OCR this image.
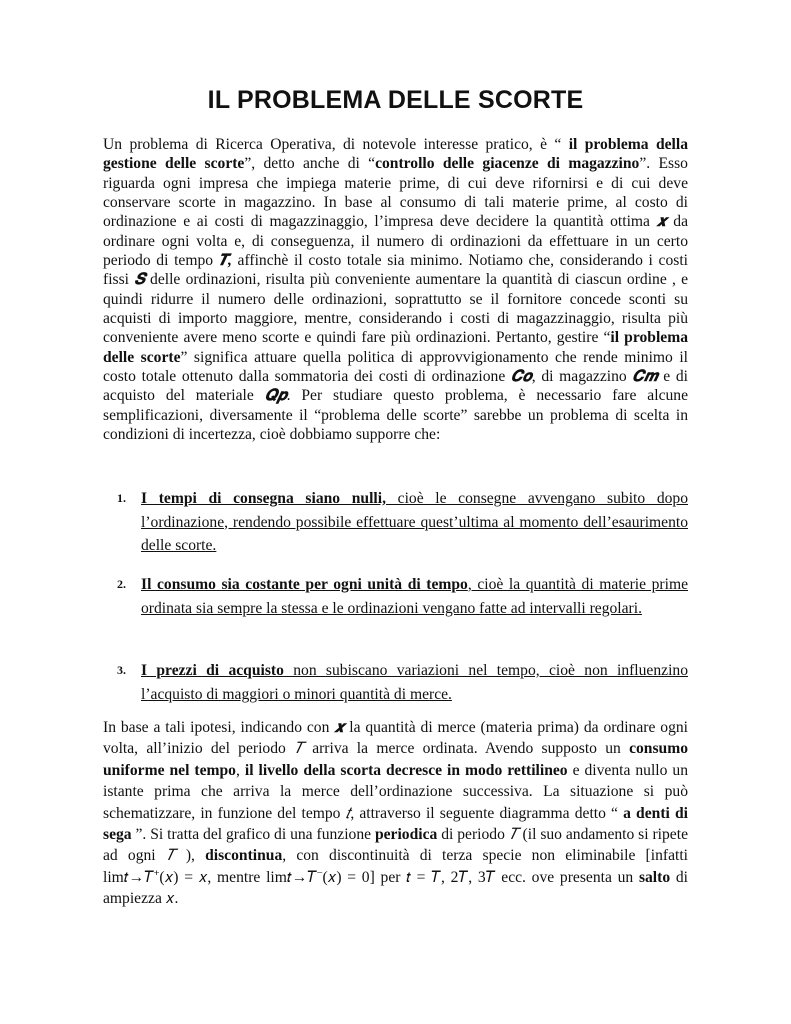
IL PROBLEMA DELLE SCORTE

Un problema di Ricerca Operativa, di notevole interesse pratico, è “ il problema della gestione delle scorte”, detto anche di “controllo delle giacenze di magazzino”. Esso riguarda ogni impresa che impiega materie prime, di cui deve rifornirsi e di cui deve conservare scorte in magazzino. In base al consumo di tali materie prime, al costo di ordinazione e ai costi di magazzinaggio, l’impresa deve decidere la quantità ottima 𝒙 da ordinare ogni volta e, di conseguenza, il numero di ordinazioni da effettuare in un certo periodo di tempo 𝑻, affinchè il costo totale sia minimo. Notiamo che, considerando i costi fissi 𝑺 delle ordinazioni, risulta più conveniente aumentare la quantità di ciascun ordine , e quindi ridurre il numero delle ordinazioni, soprattutto se il fornitore concede sconti su acquisti di importo maggiore, mentre, considerando i costi di magazzinaggio, risulta più conveniente avere meno scorte e quindi fare più ordinazioni. Pertanto, gestire “il problema delle scorte” significa attuare quella politica di approvvigionamento che rende minimo il costo totale ottenuto dalla sommatoria dei costi di ordinazione 𝑪𝒐, di magazzino 𝑪𝒎 e di acquisto del materiale 𝑸𝒑. Per studiare questo problema, è necessario fare alcune semplificazioni, diversamente il “problema delle scorte” sarebbe un problema di scelta in condizioni di incertezza, cioè dobbiamo supporre che:

1. I tempi di consegna siano nulli, cioè le consegne avvengano subito dopo l’ordinazione, rendendo possibile effettuare quest’ultima al momento dell’esaurimento delle scorte.
2. Il consumo sia costante per ogni unità di tempo, cioè la quantità di materie prime ordinata sia sempre la stessa e le ordinazioni vengano fatte ad intervalli regolari.
3. I prezzi di acquisto non subiscano variazioni nel tempo, cioè non influenzino l’acquisto di maggiori o minori quantità di merce.

In base a tali ipotesi, indicando con 𝒙 la quantità di merce (materia prima) da ordinare ogni volta, all’inizio del periodo 𝑇 arriva la merce ordinata. Avendo supposto un consumo uniforme nel tempo, il livello della scorta decresce in modo rettilineo e diventa nullo un istante prima che arriva la merce dell’ordinazione successiva. La situazione si può schematizzare, in funzione del tempo 𝑡, attraverso il seguente diagramma detto “ a denti di sega ”. Si tratta del grafico di una funzione periodica di periodo 𝑇 (il suo andamento si ripete ad ogni 𝑇 ), discontinua, con discontinuità di terza specie non eliminabile [infatti lim𝑡→𝑇⁺(𝑥) = 𝑥, mentre lim𝑡→𝑇⁻(𝑥) = 0] per 𝑡 = 𝑇, 2𝑇, 3𝑇 ecc. ove presenta un salto di ampiezza 𝑥.
